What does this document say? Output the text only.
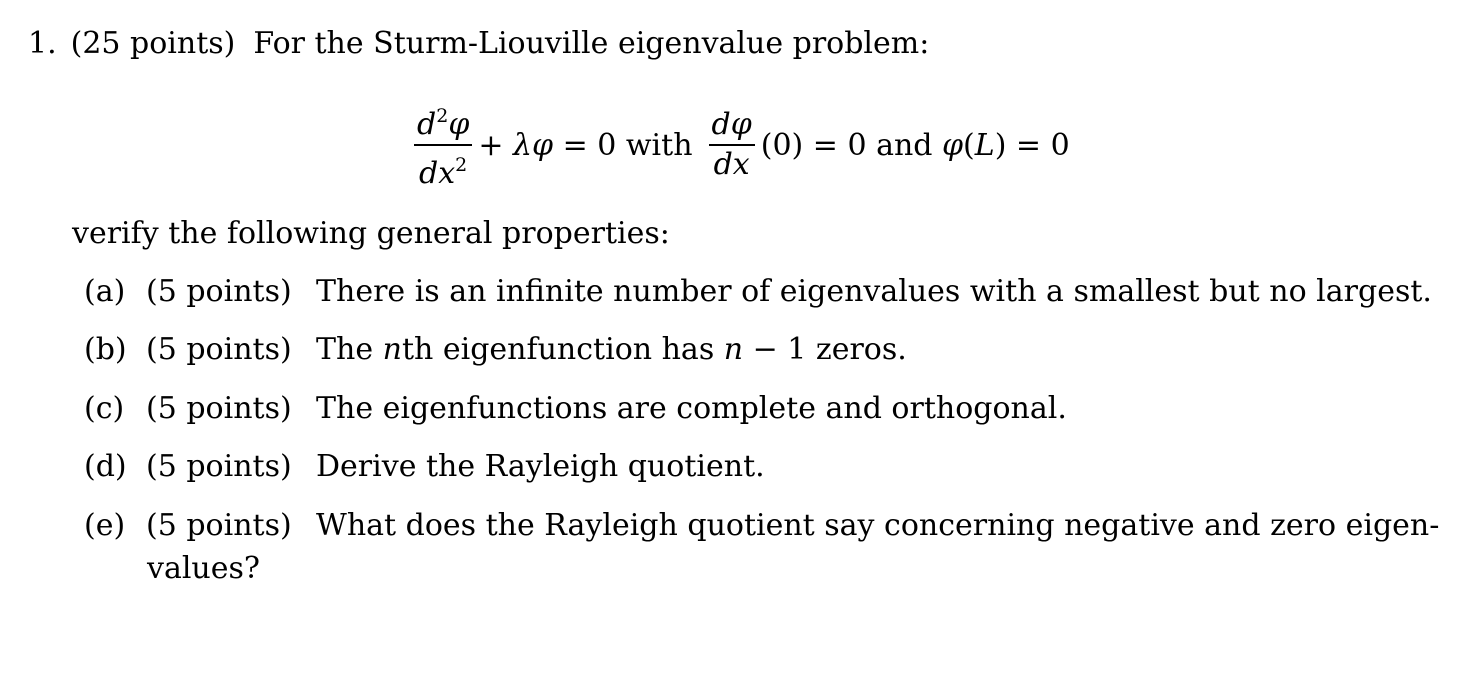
1. (25 points) For the Sturm-Liouville eigenvalue problem:
$\frac{d^2\varphi}{dx^2} + \lambda\varphi = 0$ with $\frac{d\varphi}{dx} (0) = 0$ and φ(L) = 0
verify the following general properties:
(a) (5 points) There is an infinite number of eigenvalues with a smallest but no largest.
(b) (5 points) The nth eigenfunction has n − 1 zeros.
(c) (5 points) The eigenfunctions are complete and orthogonal.
(d) (5 points) Derive the Rayleigh quotient.
(e) (5 points) What does the Rayleigh quotient say concerning negative and zero eigen-
values?
